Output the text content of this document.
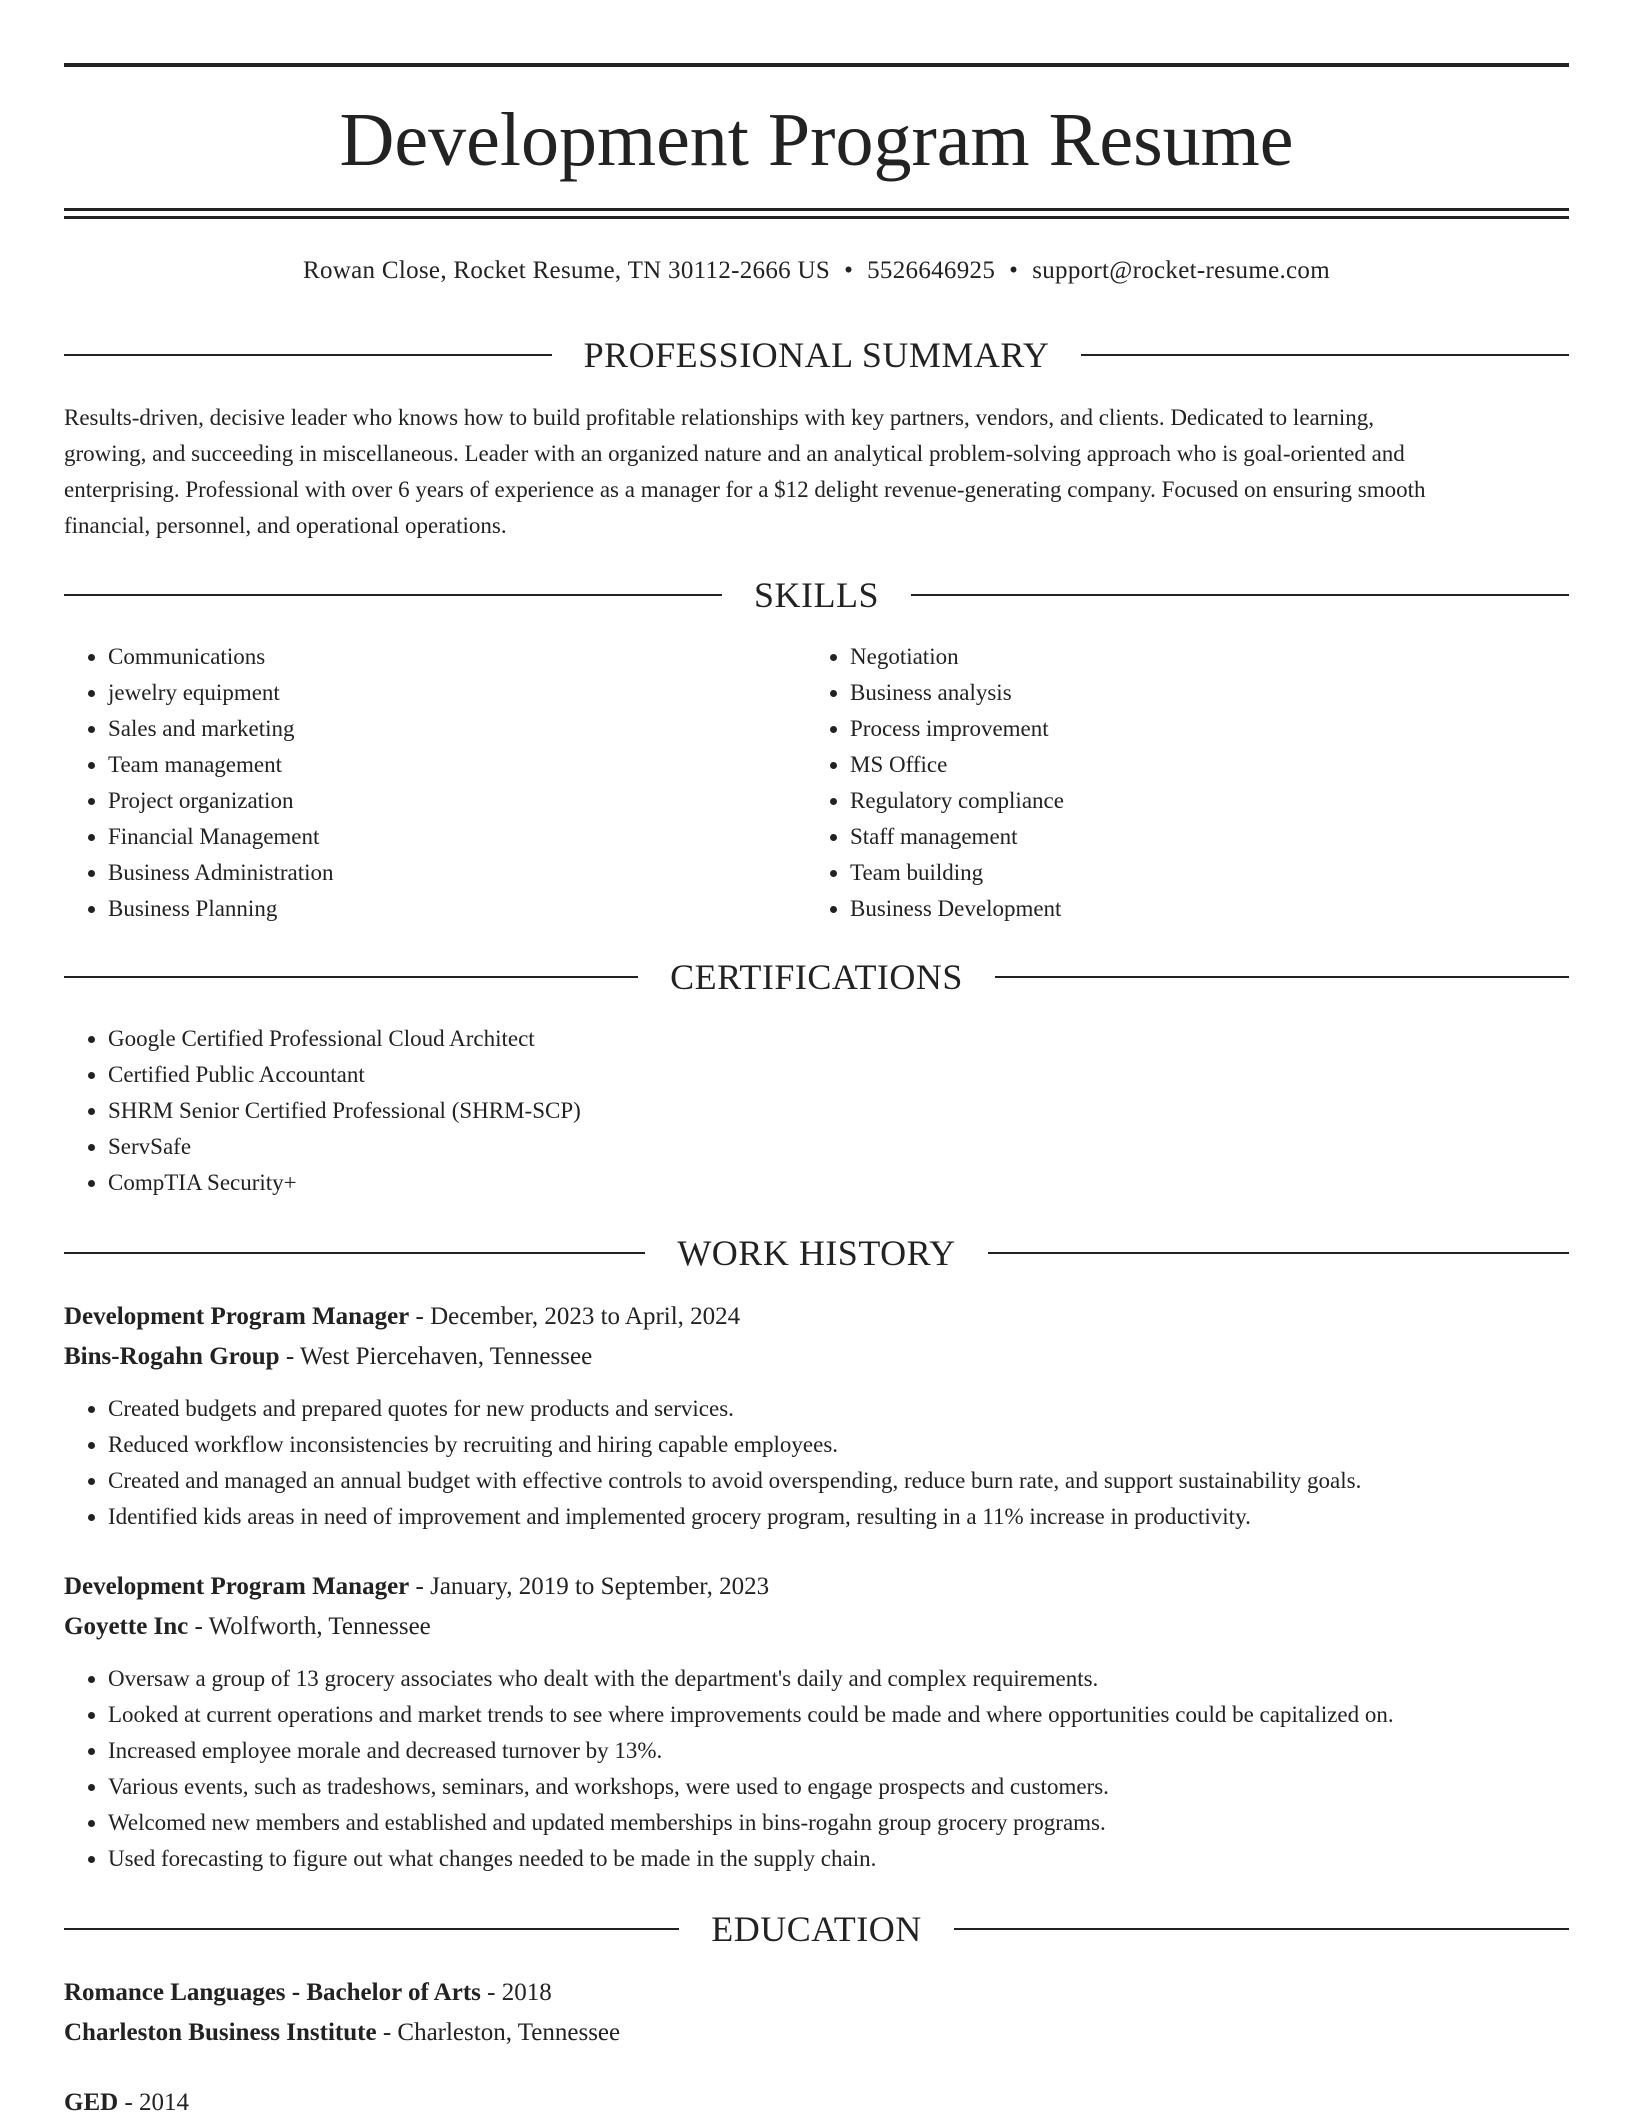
Development Program Resume
Rowan Close, Rocket Resume, TN 30112-2666 US • 5526646925 • support@rocket-resume.com
PROFESSIONAL SUMMARY
Results-driven, decisive leader who knows how to build profitable relationships with key partners, vendors, and clients. Dedicated to learning,
growing, and succeeding in miscellaneous. Leader with an organized nature and an analytical problem-solving approach who is goal-oriented and
enterprising. Professional with over 6 years of experience as a manager for a $12 delight revenue-generating company. Focused on ensuring smooth
financial, personnel, and operational operations.
SKILLS
• Communications
• jewelry equipment
• Sales and marketing
• Team management
• Project organization
• Financial Management
• Business Administration
• Business Planning
• Negotiation
• Business analysis
• Process improvement
• MS Office
• Regulatory compliance
• Staff management
• Team building
• Business Development
CERTIFICATIONS
• Google Certified Professional Cloud Architect
• Certified Public Accountant
• SHRM Senior Certified Professional (SHRM-SCP)
• ServSafe
• CompTIA Security+
WORK HISTORY
Development Program Manager - December, 2023 to April, 2024
Bins-Rogahn Group - West Piercehaven, Tennessee
• Created budgets and prepared quotes for new products and services.
• Reduced workflow inconsistencies by recruiting and hiring capable employees.
• Created and managed an annual budget with effective controls to avoid overspending, reduce burn rate, and support sustainability goals.
• Identified kids areas in need of improvement and implemented grocery program, resulting in a 11% increase in productivity.
Development Program Manager - January, 2019 to September, 2023
Goyette Inc - Wolfworth, Tennessee
• Oversaw a group of 13 grocery associates who dealt with the department's daily and complex requirements.
• Looked at current operations and market trends to see where improvements could be made and where opportunities could be capitalized on.
• Increased employee morale and decreased turnover by 13%.
• Various events, such as tradeshows, seminars, and workshops, were used to engage prospects and customers.
• Welcomed new members and established and updated memberships in bins-rogahn group grocery programs.
• Used forecasting to figure out what changes needed to be made in the supply chain.
EDUCATION
Romance Languages - Bachelor of Arts - 2018
Charleston Business Institute - Charleston, Tennessee
GED - 2014
